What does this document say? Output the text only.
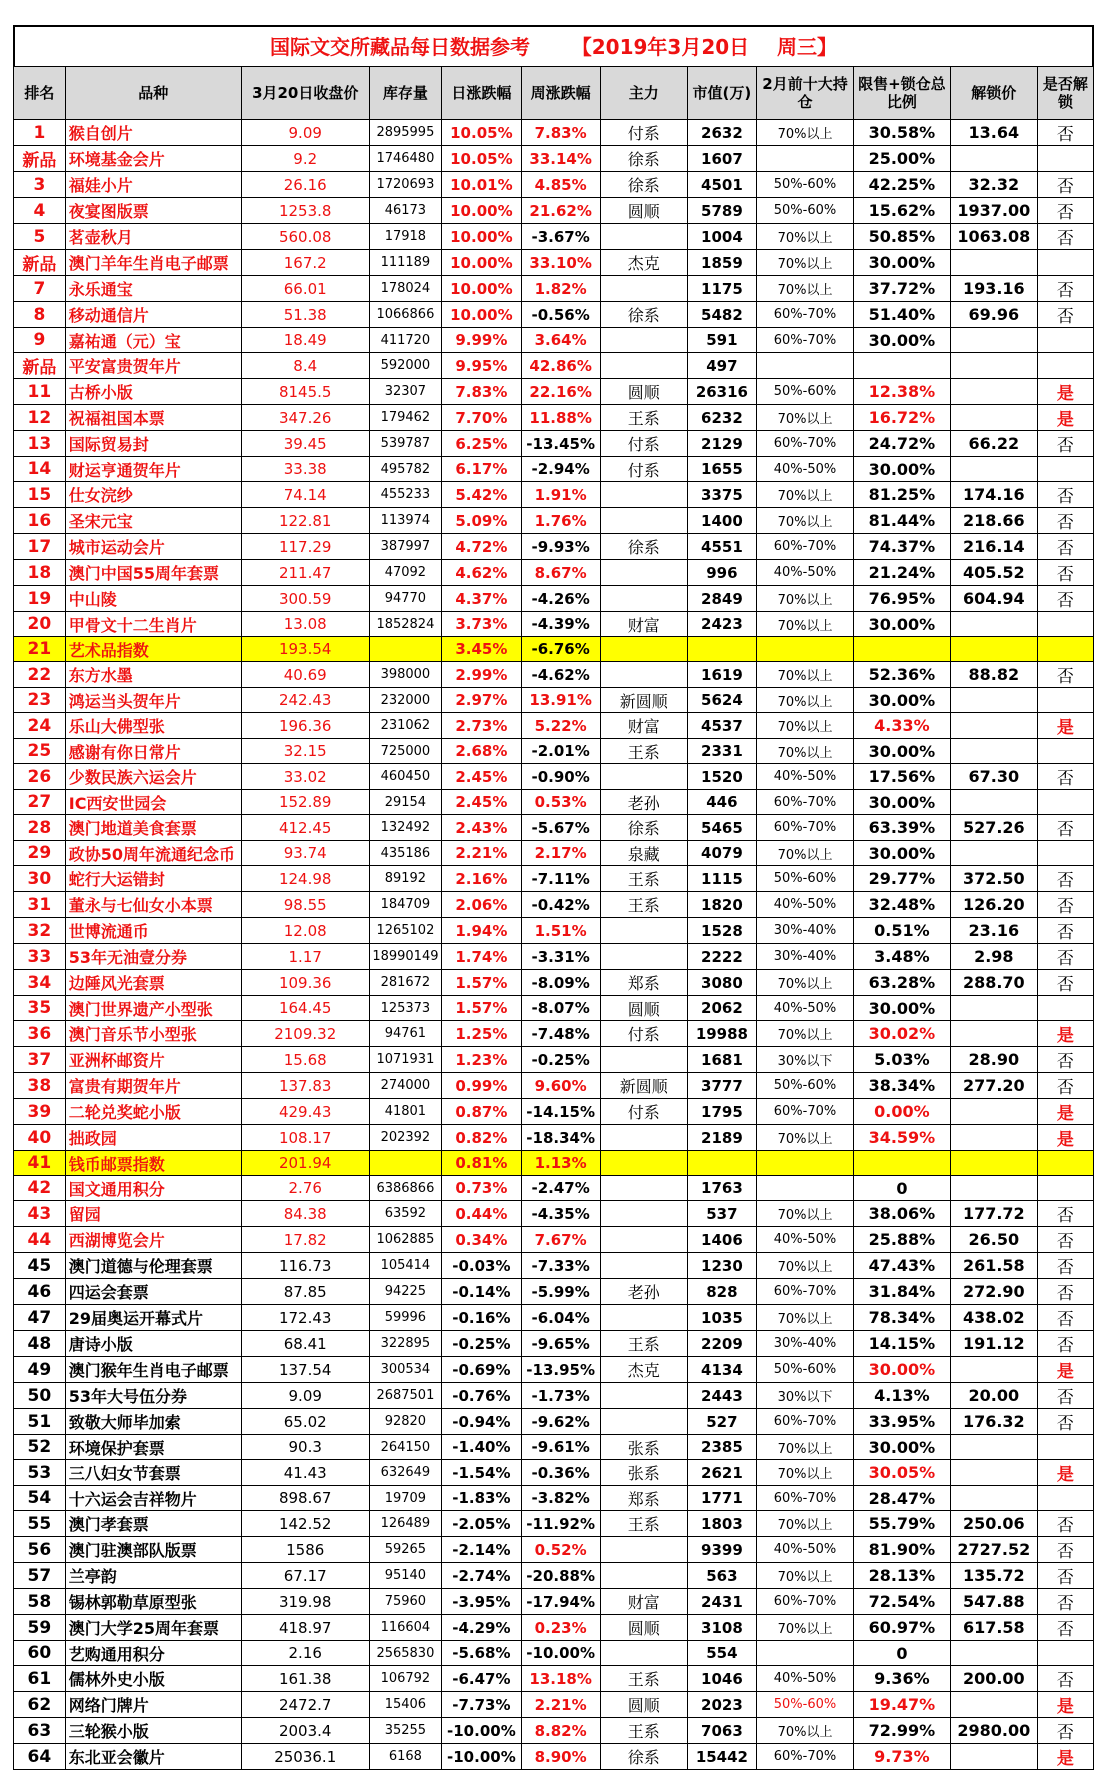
国际文交所藏品每日数据参考      【2019年3月20日    周三】
排名	品种	3月20日收盘价	库存量	日涨跌幅	周涨跌幅	主力	市值(万)	2月前十大持仓	限售+锁仓总比例	解锁价	是否解锁
1	猴自创片	9.09	2895995	10.05%	7.83%	付系	2632	70%以上	30.58%	13.64	否
新品	环境基金会片	9.2	1746480	10.05%	33.14%	徐系	1607		25.00%		
3	福娃小片	26.16	1720693	10.01%	4.85%	徐系	4501	50%-60%	42.25%	32.32	否
4	夜宴图版票	1253.8	46173	10.00%	21.62%	圆顺	5789	50%-60%	15.62%	1937.00	否
5	茗壶秋月	560.08	17918	10.00%	-3.67%		1004	70%以上	50.85%	1063.08	否
新品	澳门羊年生肖电子邮票	167.2	111189	10.00%	33.10%	杰克	1859	70%以上	30.00%		
7	永乐通宝	66.01	178024	10.00%	1.82%		1175	70%以上	37.72%	193.16	否
8	移动通信片	51.38	1066866	10.00%	-0.56%	徐系	5482	60%-70%	51.40%	69.96	否
9	嘉祐通（元）宝	18.49	411720	9.99%	3.64%		591	60%-70%	30.00%		
新品	平安富贵贺年片	8.4	592000	9.95%	42.86%		497				
11	古桥小版	8145.5	32307	7.83%	22.16%	圆顺	26316	50%-60%	12.38%		是
12	祝福祖国本票	347.26	179462	7.70%	11.88%	王系	6232	70%以上	16.72%		是
13	国际贸易封	39.45	539787	6.25%	-13.45%	付系	2129	60%-70%	24.72%	66.22	否
14	财运亨通贺年片	33.38	495782	6.17%	-2.94%	付系	1655	40%-50%	30.00%		
15	仕女浣纱	74.14	455233	5.42%	1.91%		3375	70%以上	81.25%	174.16	否
16	圣宋元宝	122.81	113974	5.09%	1.76%		1400	70%以上	81.44%	218.66	否
17	城市运动会片	117.29	387997	4.72%	-9.93%	徐系	4551	60%-70%	74.37%	216.14	否
18	澳门中国55周年套票	211.47	47092	4.62%	8.67%		996	40%-50%	21.24%	405.52	否
19	中山陵	300.59	94770	4.37%	-4.26%		2849	70%以上	76.95%	604.94	否
20	甲骨文十二生肖片	13.08	1852824	3.73%	-4.39%	财富	2423	70%以上	30.00%		
21	艺术品指数	193.54		3.45%	-6.76%						
22	东方水墨	40.69	398000	2.99%	-4.62%		1619	70%以上	52.36%	88.82	否
23	鸿运当头贺年片	242.43	232000	2.97%	13.91%	新圆顺	5624	70%以上	30.00%		
24	乐山大佛型张	196.36	231062	2.73%	5.22%	财富	4537	70%以上	4.33%		是
25	感谢有你日常片	32.15	725000	2.68%	-2.01%	王系	2331	70%以上	30.00%		
26	少数民族六运会片	33.02	460450	2.45%	-0.90%		1520	40%-50%	17.56%	67.30	否
27	IC西安世园会	152.89	29154	2.45%	0.53%	老孙	446	60%-70%	30.00%		
28	澳门地道美食套票	412.45	132492	2.43%	-5.67%	徐系	5465	60%-70%	63.39%	527.26	否
29	政协50周年流通纪念币	93.74	435186	2.21%	2.17%	泉藏	4079	70%以上	30.00%		
30	蛇行大运错封	124.98	89192	2.16%	-7.11%	王系	1115	50%-60%	29.77%	372.50	否
31	董永与七仙女小本票	98.55	184709	2.06%	-0.42%	王系	1820	40%-50%	32.48%	126.20	否
32	世博流通币	12.08	1265102	1.94%	1.51%		1528	30%-40%	0.51%	23.16	否
33	53年无油壹分券	1.17	18990149	1.74%	-3.31%		2222	30%-40%	3.48%	2.98	否
34	边陲风光套票	109.36	281672	1.57%	-8.09%	郑系	3080	70%以上	63.28%	288.70	否
35	澳门世界遗产小型张	164.45	125373	1.57%	-8.07%	圆顺	2062	40%-50%	30.00%		
36	澳门音乐节小型张	2109.32	94761	1.25%	-7.48%	付系	19988	70%以上	30.02%		是
37	亚洲杯邮资片	15.68	1071931	1.23%	-0.25%		1681	30%以下	5.03%	28.90	否
38	富贵有期贺年片	137.83	274000	0.99%	9.60%	新圆顺	3777	50%-60%	38.34%	277.20	否
39	二轮兑奖蛇小版	429.43	41801	0.87%	-14.15%	付系	1795	60%-70%	0.00%		是
40	拙政园	108.17	202392	0.82%	-18.34%		2189	70%以上	34.59%		是
41	钱币邮票指数	201.94		0.81%	1.13%						
42	国文通用积分	2.76	6386866	0.73%	-2.47%		1763		0		
43	留园	84.38	63592	0.44%	-4.35%		537	70%以上	38.06%	177.72	否
44	西湖博览会片	17.82	1062885	0.34%	7.67%		1406	40%-50%	25.88%	26.50	否
45	澳门道德与伦理套票	116.73	105414	-0.03%	-7.33%		1230	70%以上	47.43%	261.58	否
46	四运会套票	87.85	94225	-0.14%	-5.99%	老孙	828	60%-70%	31.84%	272.90	否
47	29届奥运开幕式片	172.43	59996	-0.16%	-6.04%		1035	70%以上	78.34%	438.02	否
48	唐诗小版	68.41	322895	-0.25%	-9.65%	王系	2209	30%-40%	14.15%	191.12	否
49	澳门猴年生肖电子邮票	137.54	300534	-0.69%	-13.95%	杰克	4134	50%-60%	30.00%		是
50	53年大号伍分券	9.09	2687501	-0.76%	-1.73%		2443	30%以下	4.13%	20.00	否
51	致敬大师毕加索	65.02	92820	-0.94%	-9.62%		527	60%-70%	33.95%	176.32	否
52	环境保护套票	90.3	264150	-1.40%	-9.61%	张系	2385	70%以上	30.00%		
53	三八妇女节套票	41.43	632649	-1.54%	-0.36%	张系	2621	70%以上	30.05%		是
54	十六运会吉祥物片	898.67	19709	-1.83%	-3.82%	郑系	1771	60%-70%	28.47%		
55	澳门孝套票	142.52	126489	-2.05%	-11.92%	王系	1803	70%以上	55.79%	250.06	否
56	澳门驻澳部队版票	1586	59265	-2.14%	0.52%		9399	40%-50%	81.90%	2727.52	否
57	兰亭韵	67.17	95140	-2.74%	-20.88%		563	70%以上	28.13%	135.72	否
58	锡林郭勒草原型张	319.98	75960	-3.95%	-17.94%	财富	2431	60%-70%	72.54%	547.88	否
59	澳门大学25周年套票	418.97	116604	-4.29%	0.23%	圆顺	3108	70%以上	60.97%	617.58	否
60	艺购通用积分	2.16	2565830	-5.68%	-10.00%		554		0		
61	儒林外史小版	161.38	106792	-6.47%	13.18%	王系	1046	40%-50%	9.36%	200.00	否
62	网络门牌片	2472.7	15406	-7.73%	2.21%	圆顺	2023	50%-60%	19.47%		是
63	三轮猴小版	2003.4	35255	-10.00%	8.82%	王系	7063	70%以上	72.99%	2980.00	否
64	东北亚会徽片	25036.1	6168	-10.00%	8.90%	徐系	15442	60%-70%	9.73%		是
